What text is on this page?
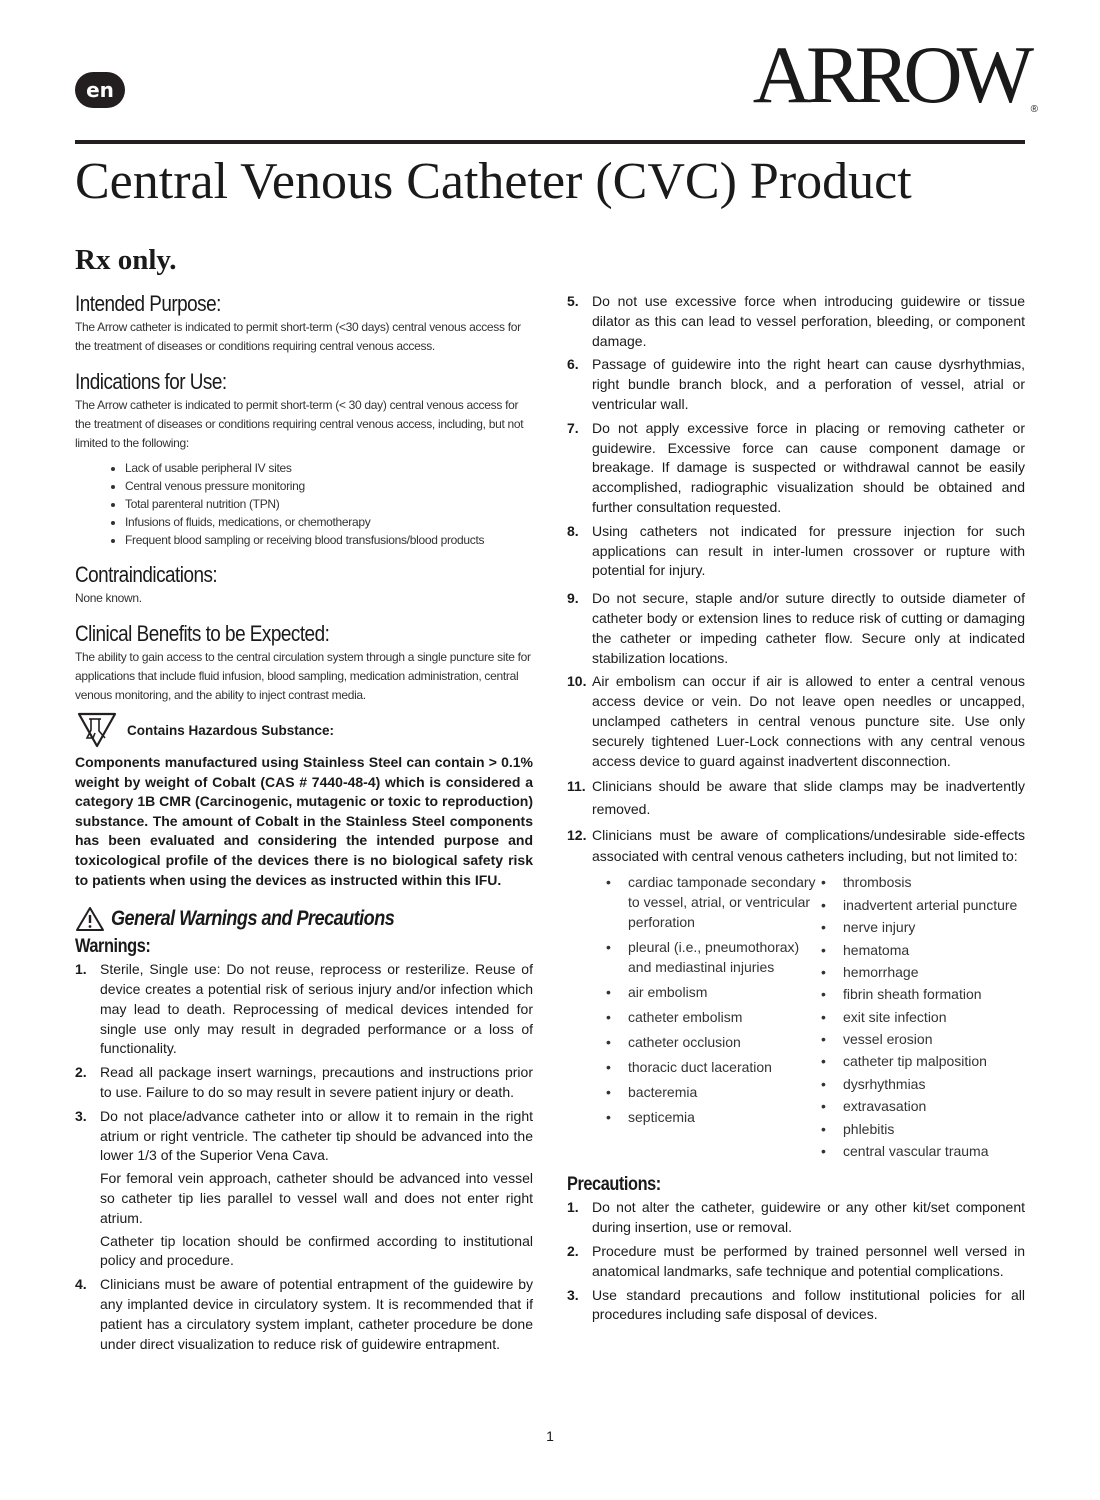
en	ARROW ®
Central Venous Catheter (CVC) Product
Rx only.
Intended Purpose:

The Arrow catheter is indicated to permit short-term (<30 days) central venous access for the treatment of diseases or conditions requiring central venous access.

Indications for Use:

The Arrow catheter is indicated to permit short-term (< 30 day) central venous access for the treatment of diseases or conditions requiring central venous access, including, but not limited to the following:

• Lack of usable peripheral IV sites
• Central venous pressure monitoring
• Total parenteral nutrition (TPN)
• Infusions of fluids, medications, or chemotherapy
• Frequent blood sampling or receiving blood transfusions/blood products
Contraindications:

None known.

Clinical Benefits to be Expected:

The ability to gain access to the central circulation system through a single puncture site for applications that include fluid infusion, blood sampling, medication administration, central venous monitoring, and the ability to inject contrast media.

Contains Hazardous Substance:

Components manufactured using Stainless Steel can contain > 0.1% weight by weight of Cobalt (CAS # 7440-48-4) which is considered a category 1B CMR (Carcinogenic, mutagenic or toxic to reproduction) substance. The amount of Cobalt in the Stainless Steel components has been evaluated and considering the intended purpose and toxicological profile of the devices there is no biological safety risk to patients when using the devices as instructed within this IFU.

General Warnings and Precautions
Warnings:
1. Sterile, Single use: Do not reuse, reprocess or resterilize. Reuse of device creates a potential risk of serious injury and/or infection which may lead to death. Reprocessing of medical devices intended for single use only may result in degraded performance or a loss of functionality.
2. Read all package insert warnings, precautions and instructions prior to use. Failure to do so may result in severe patient injury or death.
3. Do not place/advance catheter into or allow it to remain in the right atrium or right ventricle. The catheter tip should be advanced into the lower 1/3 of the Superior Vena Cava.

For femoral vein approach, catheter should be advanced into vessel so catheter tip lies parallel to vessel wall and does not enter right atrium.

Catheter tip location should be confirmed according to institutional policy and procedure.

4. Clinicians must be aware of potential entrapment of the guidewire by any implanted device in circulatory system. It is recommended that if patient has a circulatory system implant, catheter procedure be done under direct visualization to reduce risk of guidewire entrapment.
5. Do not use excessive force when introducing guidewire or tissue dilator as this can lead to vessel perforation, bleeding, or component damage.
6. Passage of guidewire into the right heart can cause dysrhythmias, right bundle branch block, and a perforation of vessel, atrial or ventricular wall.
7. Do not apply excessive force in placing or removing catheter or guidewire. Excessive force can cause component damage or breakage. If damage is suspected or withdrawal cannot be easily accomplished, radiographic visualization should be obtained and further consultation requested.
8. Using catheters not indicated for pressure injection for such applications can result in inter-lumen crossover or rupture with potential for injury.
9. Do not secure, staple and/or suture directly to outside diameter of catheter body or extension lines to reduce risk of cutting or damaging the catheter or impeding catheter flow. Secure only at indicated stabilization locations.
10. Air embolism can occur if air is allowed to enter a central venous access device or vein. Do not leave open needles or uncapped, unclamped catheters in central venous puncture site. Use only securely tightened Luer-Lock connections with any central venous access device to guard against inadvertent disconnection.
11. Clinicians should be aware that slide clamps may be inadvertently removed.
12. Clinicians must be aware of complications/undesirable side-effects associated with central venous catheters including, but not limited to:
• cardiac tamponade secondary to vessel, atrial, or ventricular perforation
• pleural (i.e., pneumothorax) and mediastinal injuries
• air embolism
• catheter embolism
• catheter occlusion
• thoracic duct laceration
• bacteremia
• septicemia
• thrombosis
• inadvertent arterial puncture
• nerve injury
• hematoma
• hemorrhage
• fibrin sheath formation
• exit site infection
• vessel erosion
• catheter tip malposition
• dysrhythmias
• extravasation
• phlebitis
• central vascular trauma
Precautions:
1. Do not alter the catheter, guidewire or any other kit/set component during insertion, use or removal.
2. Procedure must be performed by trained personnel well versed in anatomical landmarks, safe technique and potential complications.
3. Use standard precautions and follow institutional policies for all procedures including safe disposal of devices.
1
